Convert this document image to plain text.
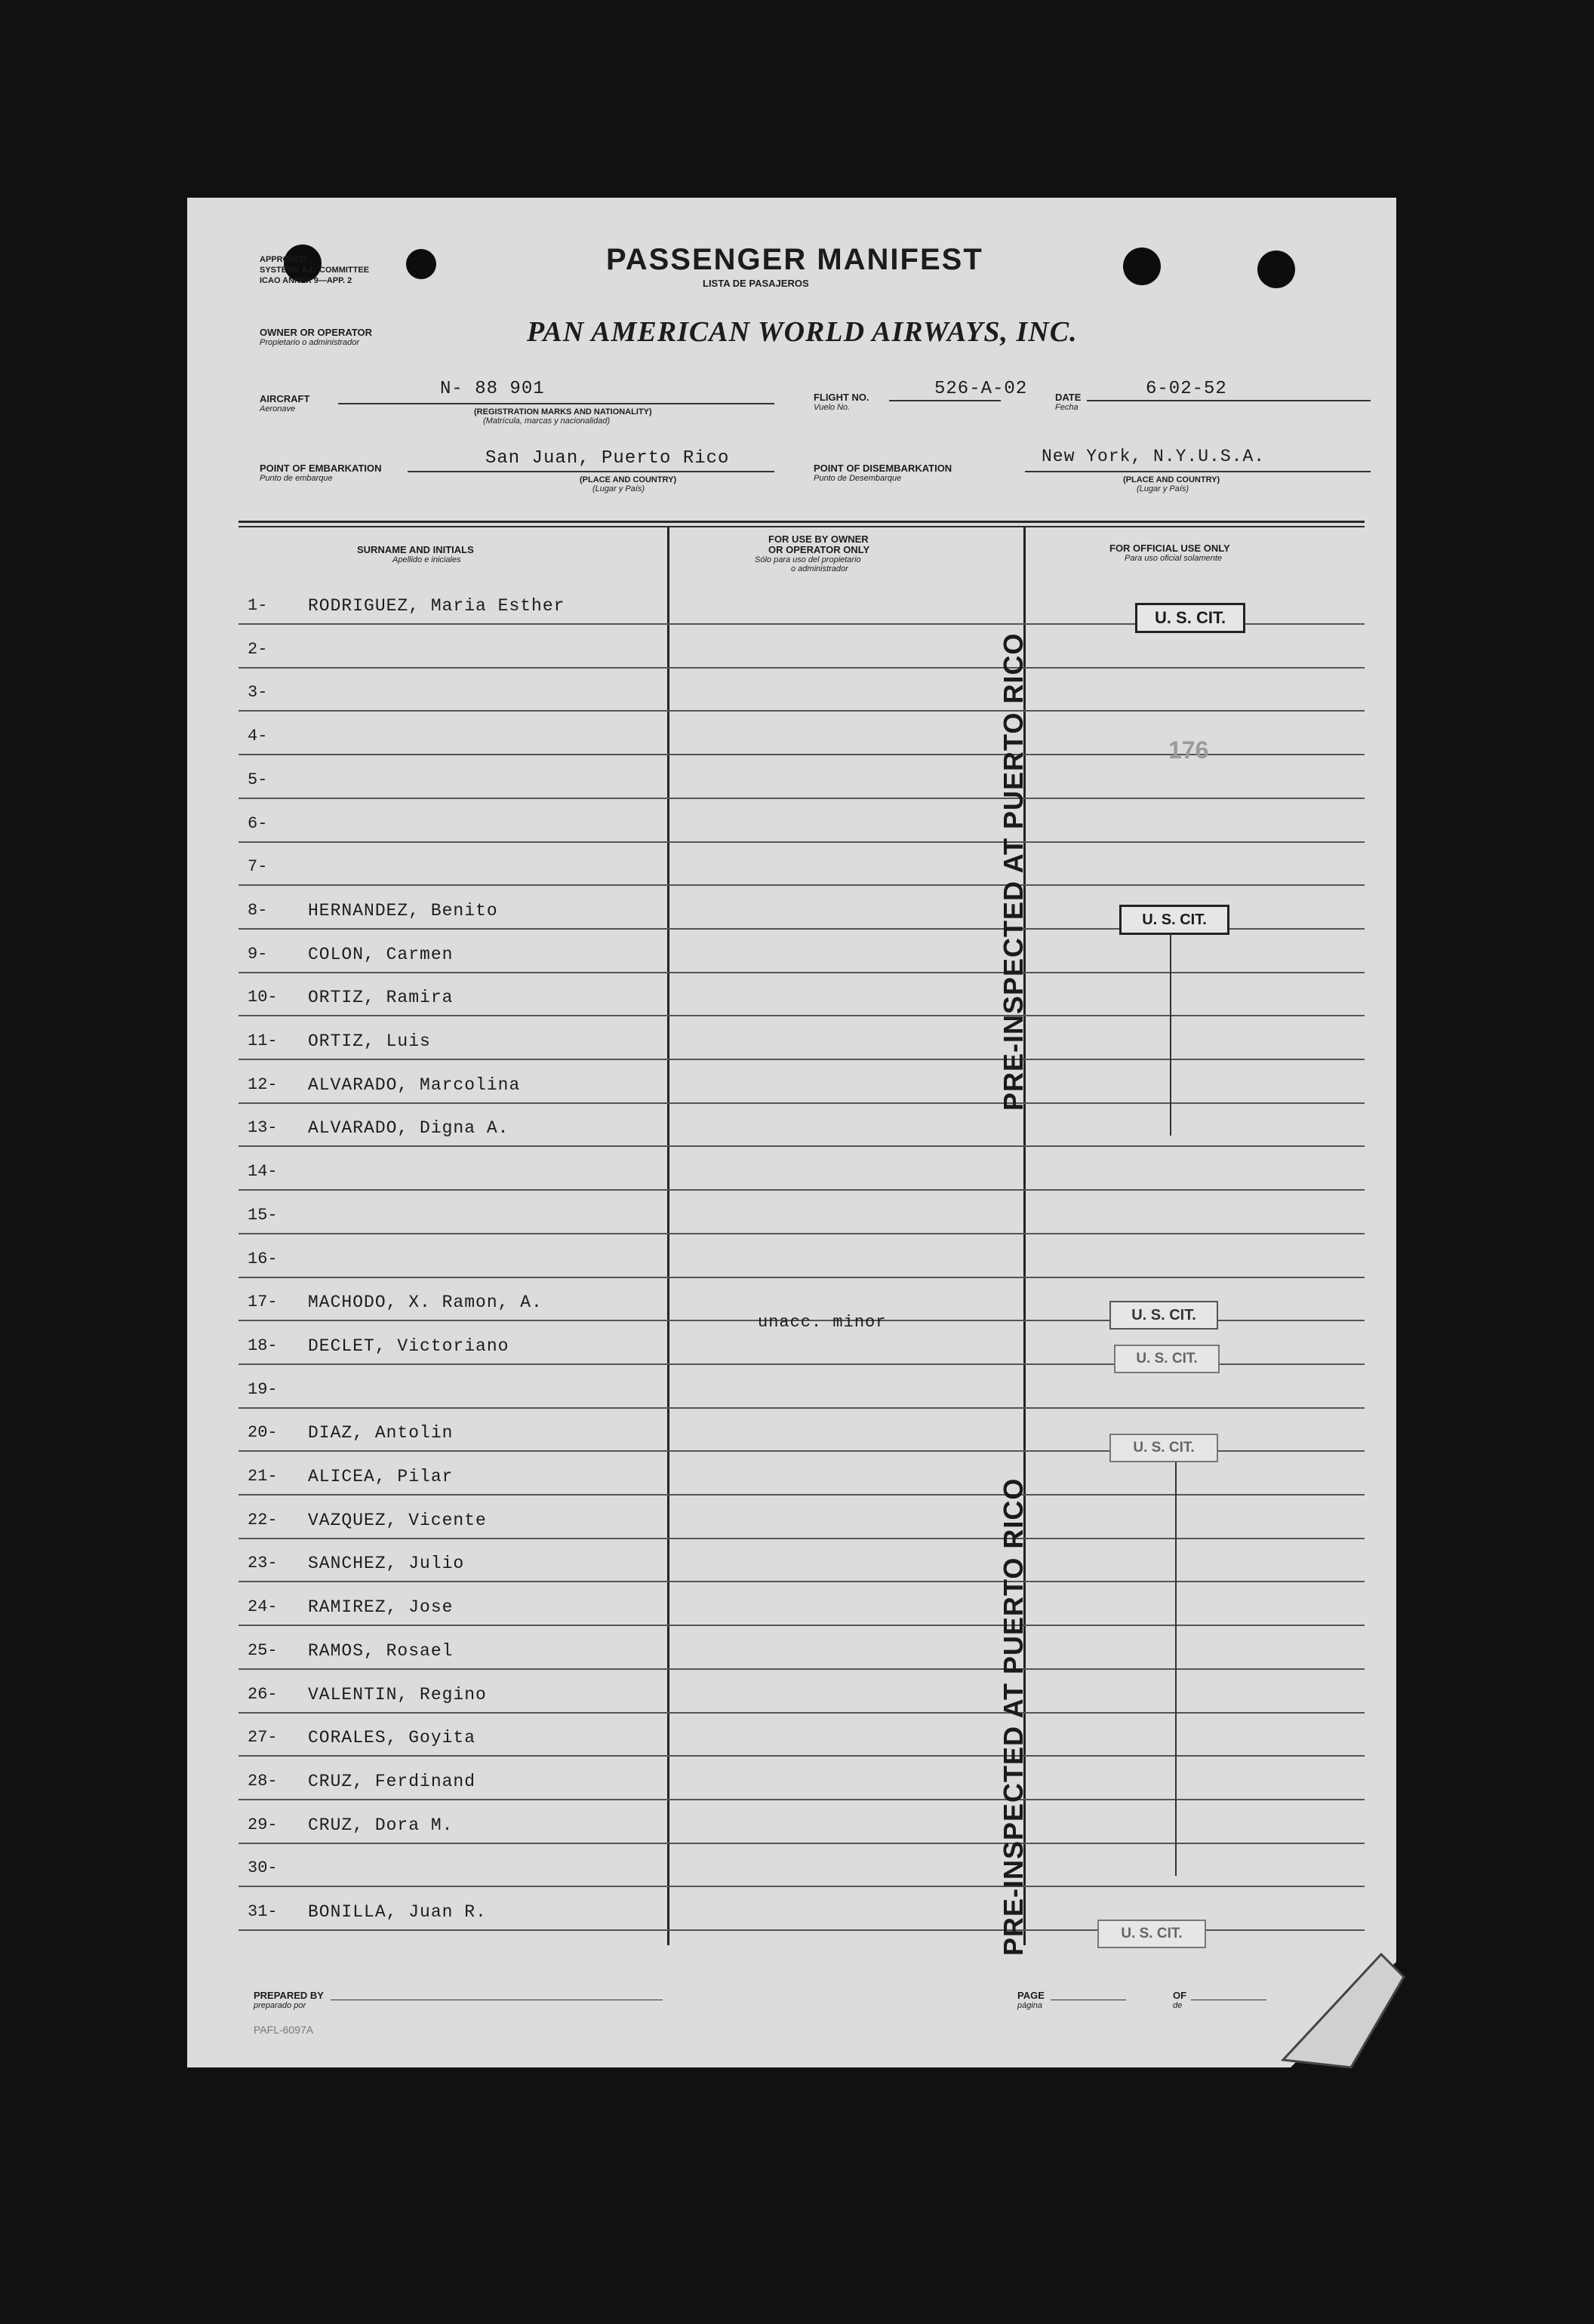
APPROVED
SYSTEMS A.L. COMMITTEE
ICAO ANNEX 9—APP. 2
PASSENGER MANIFEST
LISTA DE PASAJEROS
OWNER OR OPERATOR
Propietario o administrador	PAN AMERICAN WORLD AIRWAYS, INC.
AIRCRAFT
Aeronave
N- 88 901
(REGISTRATION MARKS AND NATIONALITY)
(Matrícula, marcas y nacionalidad)
FLIGHT NO.
Vuelo No.
526-A-02	DATE
Fecha
6-02-52
POINT OF EMBARKATION
Punto de embarque
San Juan, Puerto Rico
(PLACE AND COUNTRY)
(Lugar y País)
POINT OF DISEMBARKATION
Punto de Desembarque
New York, N.Y.U.S.A.
(PLACE AND COUNTRY)
(Lugar y País)
SURNAME AND INITIALS
Apellido e iniciales
FOR USE BY OWNER
OR OPERATOR ONLY
Sólo para uso del propietario
o administrador
FOR OFFICIAL USE ONLY
Para uso oficial solamente
1- RODRIGUEZ, Maria Esther
2-
3-
4-
5-
6-
7-
8- HERNANDEZ, Benito
9- COLON, Carmen
10- ORTIZ, Ramira
11- ORTIZ, Luis
12- ALVARADO, Marcolina
13- ALVARADO, Digna A.
14-
15-
16-
17- MACHODO, X. Ramon, A.
18- DECLET, Victoriano
19-
20- DIAZ, Antolin
21- ALICEA, Pilar
22- VAZQUEZ, Vicente
23- SANCHEZ, Julio
24- RAMIREZ, Jose
25- RAMOS, Rosael
26- VALENTIN, Regino
27- CORALES, Goyita
28- CRUZ, Ferdinand
29- CRUZ, Dora M.
30-
31- BONILLA, Juan R.
PRE-INSPECTED AT PUERTO RICO
PRE-INSPECTED AT PUERTO RICO
U. S. CIT.
176
U. S. CIT.
U. S. CIT.
U. S. CIT.
U. S. CIT.
U. S. CIT.
unacc. minor
PREPARED BY
preparado por
PAFL-6097A
PAGE
página
OF
de
